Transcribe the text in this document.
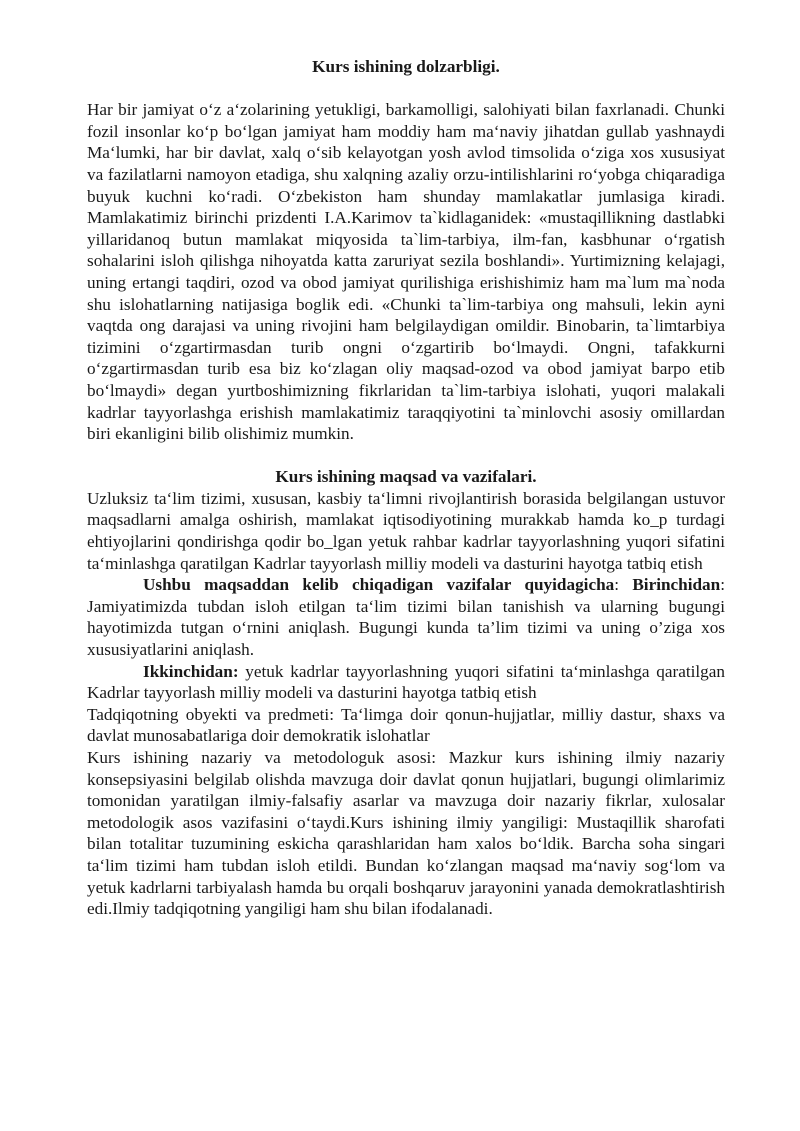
Kurs ishining dolzarbligi.

Har bir jamiyat o‘z a‘zolarining yetukligi, barkamolligi, salohiyati bilan faxrlanadi. Chunki fozil insonlar ko‘p bo‘lgan jamiyat ham moddiy ham ma‘naviy jihatdan gullab yashnaydi Ma‘lumki, har bir davlat, xalq o‘sib kelayotgan yosh avlod timsolida o‘ziga xos xususiyat va fazilatlarni namoyon etadiga, shu xalqning azaliy orzu-intilishlarini ro‘yobga chiqaradiga buyuk kuchni ko‘radi. O‘zbekiston ham shunday mamlakatlar jumlasiga kiradi. Mamlakatimiz birinchi prizdenti I.A.Karimov ta`kidlaganidek: «mustaqillikning dastlabki yillaridanoq butun mamlakat miqyosida ta`lim-tarbiya, ilm-fan, kasbhunar o‘rgatish sohalarini isloh qilishga nihoyatda katta zaruriyat sezila boshlandi». Yurtimizning kelajagi, uning ertangi taqdiri, ozod va obod jamiyat qurilishiga erishishimiz ham ma`lum ma`noda shu islohatlarning natijasiga boglik edi. «Chunki ta`lim-tarbiya ong mahsuli, lekin ayni vaqtda ong darajasi va uning rivojini ham belgilaydigan omildir. Binobarin, ta`limtarbiya tizimini o‘zgartirmasdan turib ongni o‘zgartirib bo‘lmaydi. Ongni, tafakkurni o‘zgartirmasdan turib esa biz ko‘zlagan oliy maqsad-ozod va obod jamiyat barpo etib bo‘lmaydi» degan yurtboshimizning fikrlaridan ta`lim-tarbiya islohati, yuqori malakali kadrlar tayyorlashga erishish mamlakatimiz taraqqiyotini ta`minlovchi asosiy omillardan biri ekanligini bilib olishimiz mumkin.

Kurs ishining maqsad va vazifalari.

Uzluksiz ta‘lim tizimi, xususan, kasbiy ta‘limni rivojlantirish borasida belgilangan ustuvor maqsadlarni amalga oshirish, mamlakat iqtisodiyotining murakkab hamda ko_p turdagi ehtiyojlarini qondirishga qodir bo_lgan yetuk rahbar kadrlar tayyorlashning yuqori sifatini ta‘minlashga qaratilgan Kadrlar tayyorlash milliy modeli va dasturini hayotga tatbiq etish

Ushbu maqsaddan kelib chiqadigan vazifalar quyidagicha: Birinchidan: Jamiyatimizda tubdan isloh etilgan ta‘lim tizimi bilan tanishish va ularning bugungi hayotimizda tutgan o‘rnini aniqlash. Bugungi kunda ta’lim tizimi va uning o’ziga xos xususiyatlarini aniqlash.

Ikkinchidan: yetuk kadrlar tayyorlashning yuqori sifatini ta‘minlashga qaratilgan Kadrlar tayyorlash milliy modeli va dasturini hayotga tatbiq etish

Tadqiqotning obyekti va predmeti: Ta‘limga doir qonun-hujjatlar, milliy dastur, shaxs va davlat munosabatlariga doir demokratik islohatlar

Kurs ishining nazariy va metodologuk asosi: Mazkur kurs ishining ilmiy nazariy konsepsiyasini belgilab olishda mavzuga doir davlat qonun hujjatlari, bugungi olimlarimiz tomonidan yaratilgan ilmiy-falsafiy asarlar va mavzuga doir nazariy fikrlar, xulosalar metodologik asos vazifasini o‘taydi.Kurs ishining ilmiy yangiligi: Mustaqillik sharofati bilan totalitar tuzumining eskicha qarashlaridan ham xalos bo‘ldik. Barcha soha singari ta‘lim tizimi ham tubdan isloh etildi. Bundan ko‘zlangan maqsad ma‘naviy sog‘lom va yetuk kadrlarni tarbiyalash hamda bu orqali boshqaruv jarayonini yanada demokratlashtirish edi.Ilmiy tadqiqotning yangiligi ham shu bilan ifodalanadi.
